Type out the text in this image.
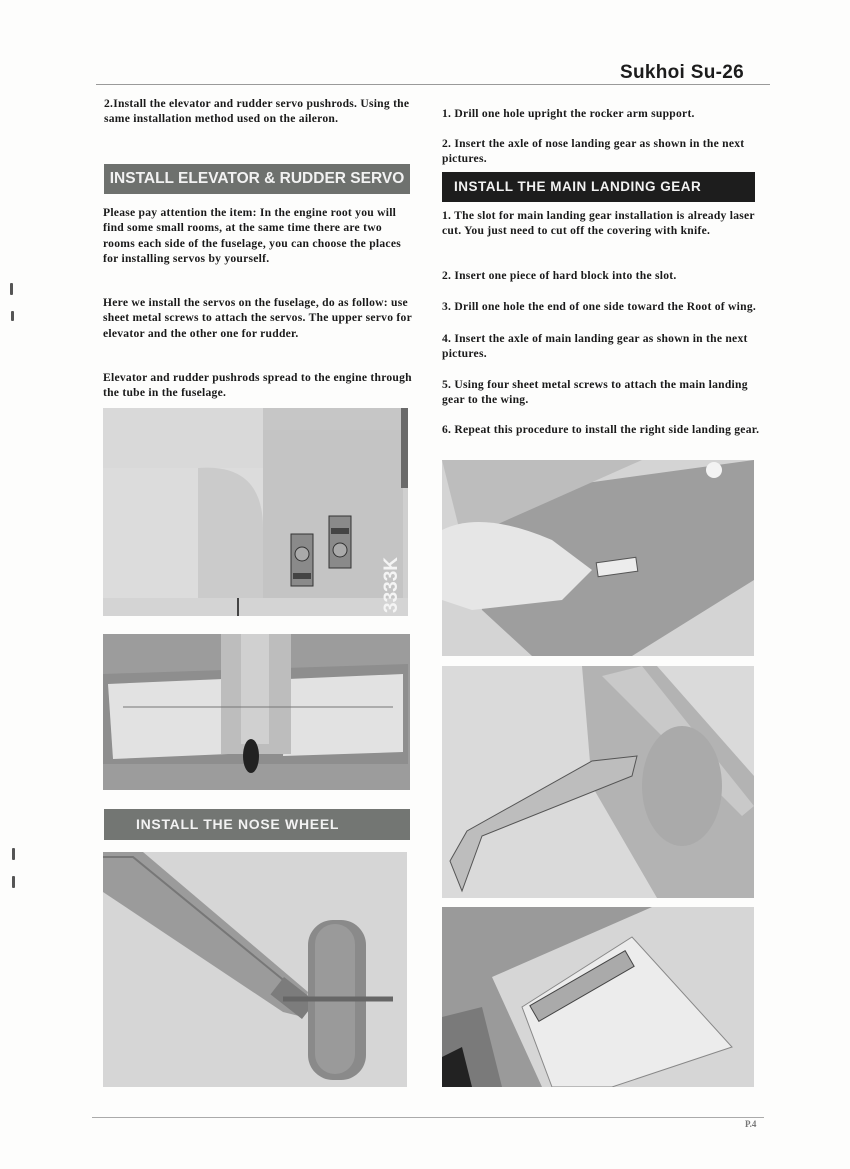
Sukhoi Su-26
2.Install the elevator and rudder servo pushrods. Using the same installation method used on the aileron.
INSTALL ELEVATOR & RUDDER SERVO
Please pay attention the item: In the engine root you will find some small rooms, at the same time there are two rooms each side of the fuselage, you can choose the places for installing servos by yourself.
Here we install the servos on the fuselage, do as follow: use sheet metal screws to attach the servos. The upper servo for elevator and the other one for rudder.
Elevator and rudder pushrods spread to the engine through the tube in the fuselage.
3333K
INSTALL THE NOSE WHEEL
1. Drill one hole upright the rocker arm support.
2. Insert the axle of nose landing gear as shown in the next pictures.
INSTALL THE MAIN LANDING GEAR
1. The slot for main landing gear installation is already laser cut. You just need to cut off the covering with knife.
2. Insert one piece of hard block into the slot.
3. Drill one hole the end of one side toward the Root of wing.
4. Insert the axle of main landing gear as shown in the next pictures.
5. Using four sheet metal screws to attach the main landing gear to the wing.
6. Repeat this procedure to install the right side landing gear.
P.4
